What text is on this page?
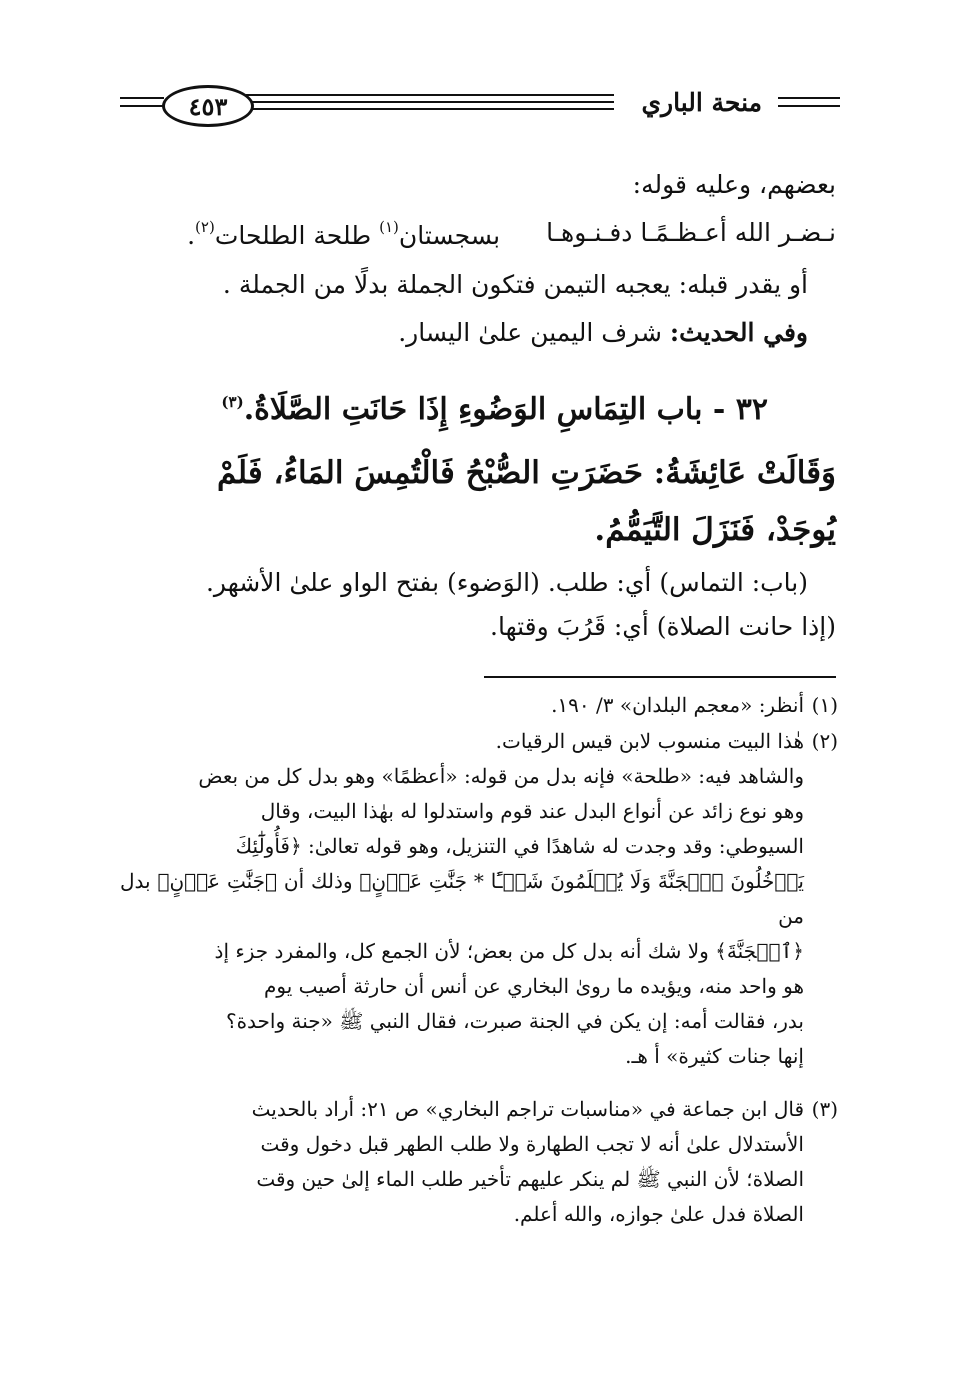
٤٥٣	منحة الباري
بعضهم، وعليه قوله:
نـضـر الله أعـظـمًـا دفـنـوهـا
بسجستان$^{(١)}$ طلحة الطلحات$^{(٢)}$.
أو يقدر قبله: يعجبه التيمن فتكون الجملة بدلًا من الجملة .
وفي الحديث: شرف اليمين علىٰ اليسار.
٣٢ - باب التِمَاسِ الوَضُوءِ إِذَا حَانَتِ الصَّلَاةُ.$^{(٣)}$
وَقَالَتْ عَائِشَةُ: حَضَرَتِ الصُّبْحُ فَالْتُمِسَ المَاءُ، فَلَمْ
يُوجَدْ، فَنَزَلَ التَّيَمُّمُ.
(باب: التماس) أي: طلب. (الوَضوء) بفتح الواو علىٰ الأشهر.
(إذا حانت الصلاة) أي: قَرُبَ وقتها.
(١)أنظر: «معجم البلدان» ٣/ ١٩٠.
(٢)هٰذا البيت منسوب لابن قيس الرقيات.
والشاهد فيه: «طلحة» فإنه بدل من قوله: «أعظمًا» وهو بدل كل من بعض
وهو نوع زائد عن أنواع البدل عند قوم واستدلوا له بهٰذا البيت، وقال
السيوطي: وقد وجدت له شاهدًا في التنزيل، وهو قوله تعالىٰ: ﴿فَأُولَٰٓئِكَ
يَدۡخُلُونَ ٱلۡجَنَّةَ وَلَا يُظۡلَمُونَ شَيۡـًٔا * جَنَّٰتِ عَدۡنٍ﴾ وذلك أن ﴿جَنَّٰتِ عَدۡنٍ﴾ بدل من
﴿ٱلۡجَنَّةَ﴾ ولا شك أنه بدل كل من بعض؛ لأن الجمع كل، والمفرد جزء إذ
هو واحد منه، ويؤيده ما روىٰ البخاري عن أنس أن حارثة أصيب يوم
بدر، فقالت أمه: إن يكن في الجنة صبرت، فقال النبي ﷺ «جنة واحدة؟
إنها جنات كثيرة» أ هـ.
(٣)قال ابن جماعة في «مناسبات تراجم البخاري» ص ٢١: أراد بالحديث
الأستدلال علىٰ أنه لا تجب الطهارة ولا طلب الطهر قبل دخول وقت
الصلاة؛ لأن النبي ﷺ لم ينكر عليهم تأخير طلب الماء إلىٰ حين وقت
الصلاة فدل علىٰ جوازه، والله أعلم.
